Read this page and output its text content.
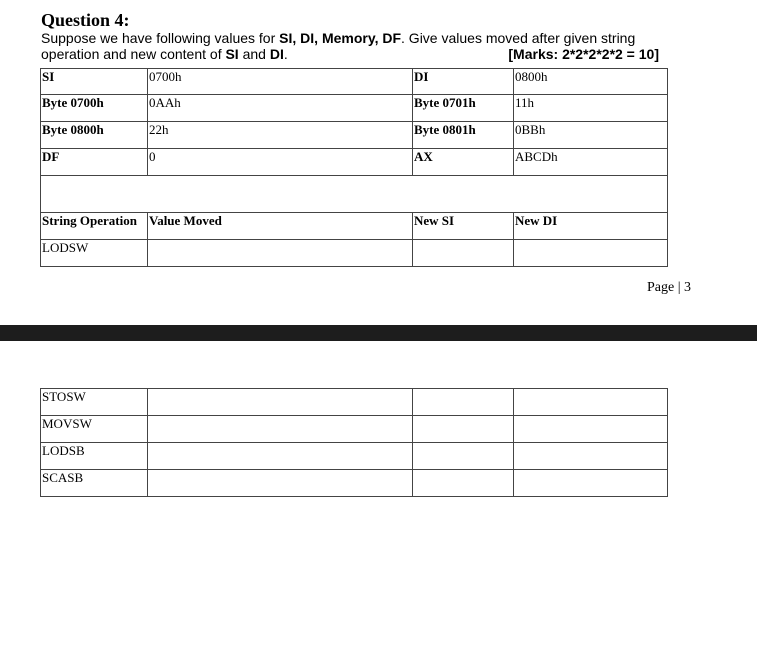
Question 4:
Suppose we have following values for SI, DI, Memory, DF. Give values moved after given string operation and new content of SI and DI.	[Marks: 2*2*2*2*2 = 10]
SI	0700h	DI	0800h
Byte 0700h	0AAh	Byte 0701h	11h
Byte 0800h	22h	Byte 0801h	0BBh
DF	0	AX	ABCDh

String Operation	Value Moved	New SI	New DI
LODSW			
Page | 3
STOSW			
MOVSW			
LODSB			
SCASB			
